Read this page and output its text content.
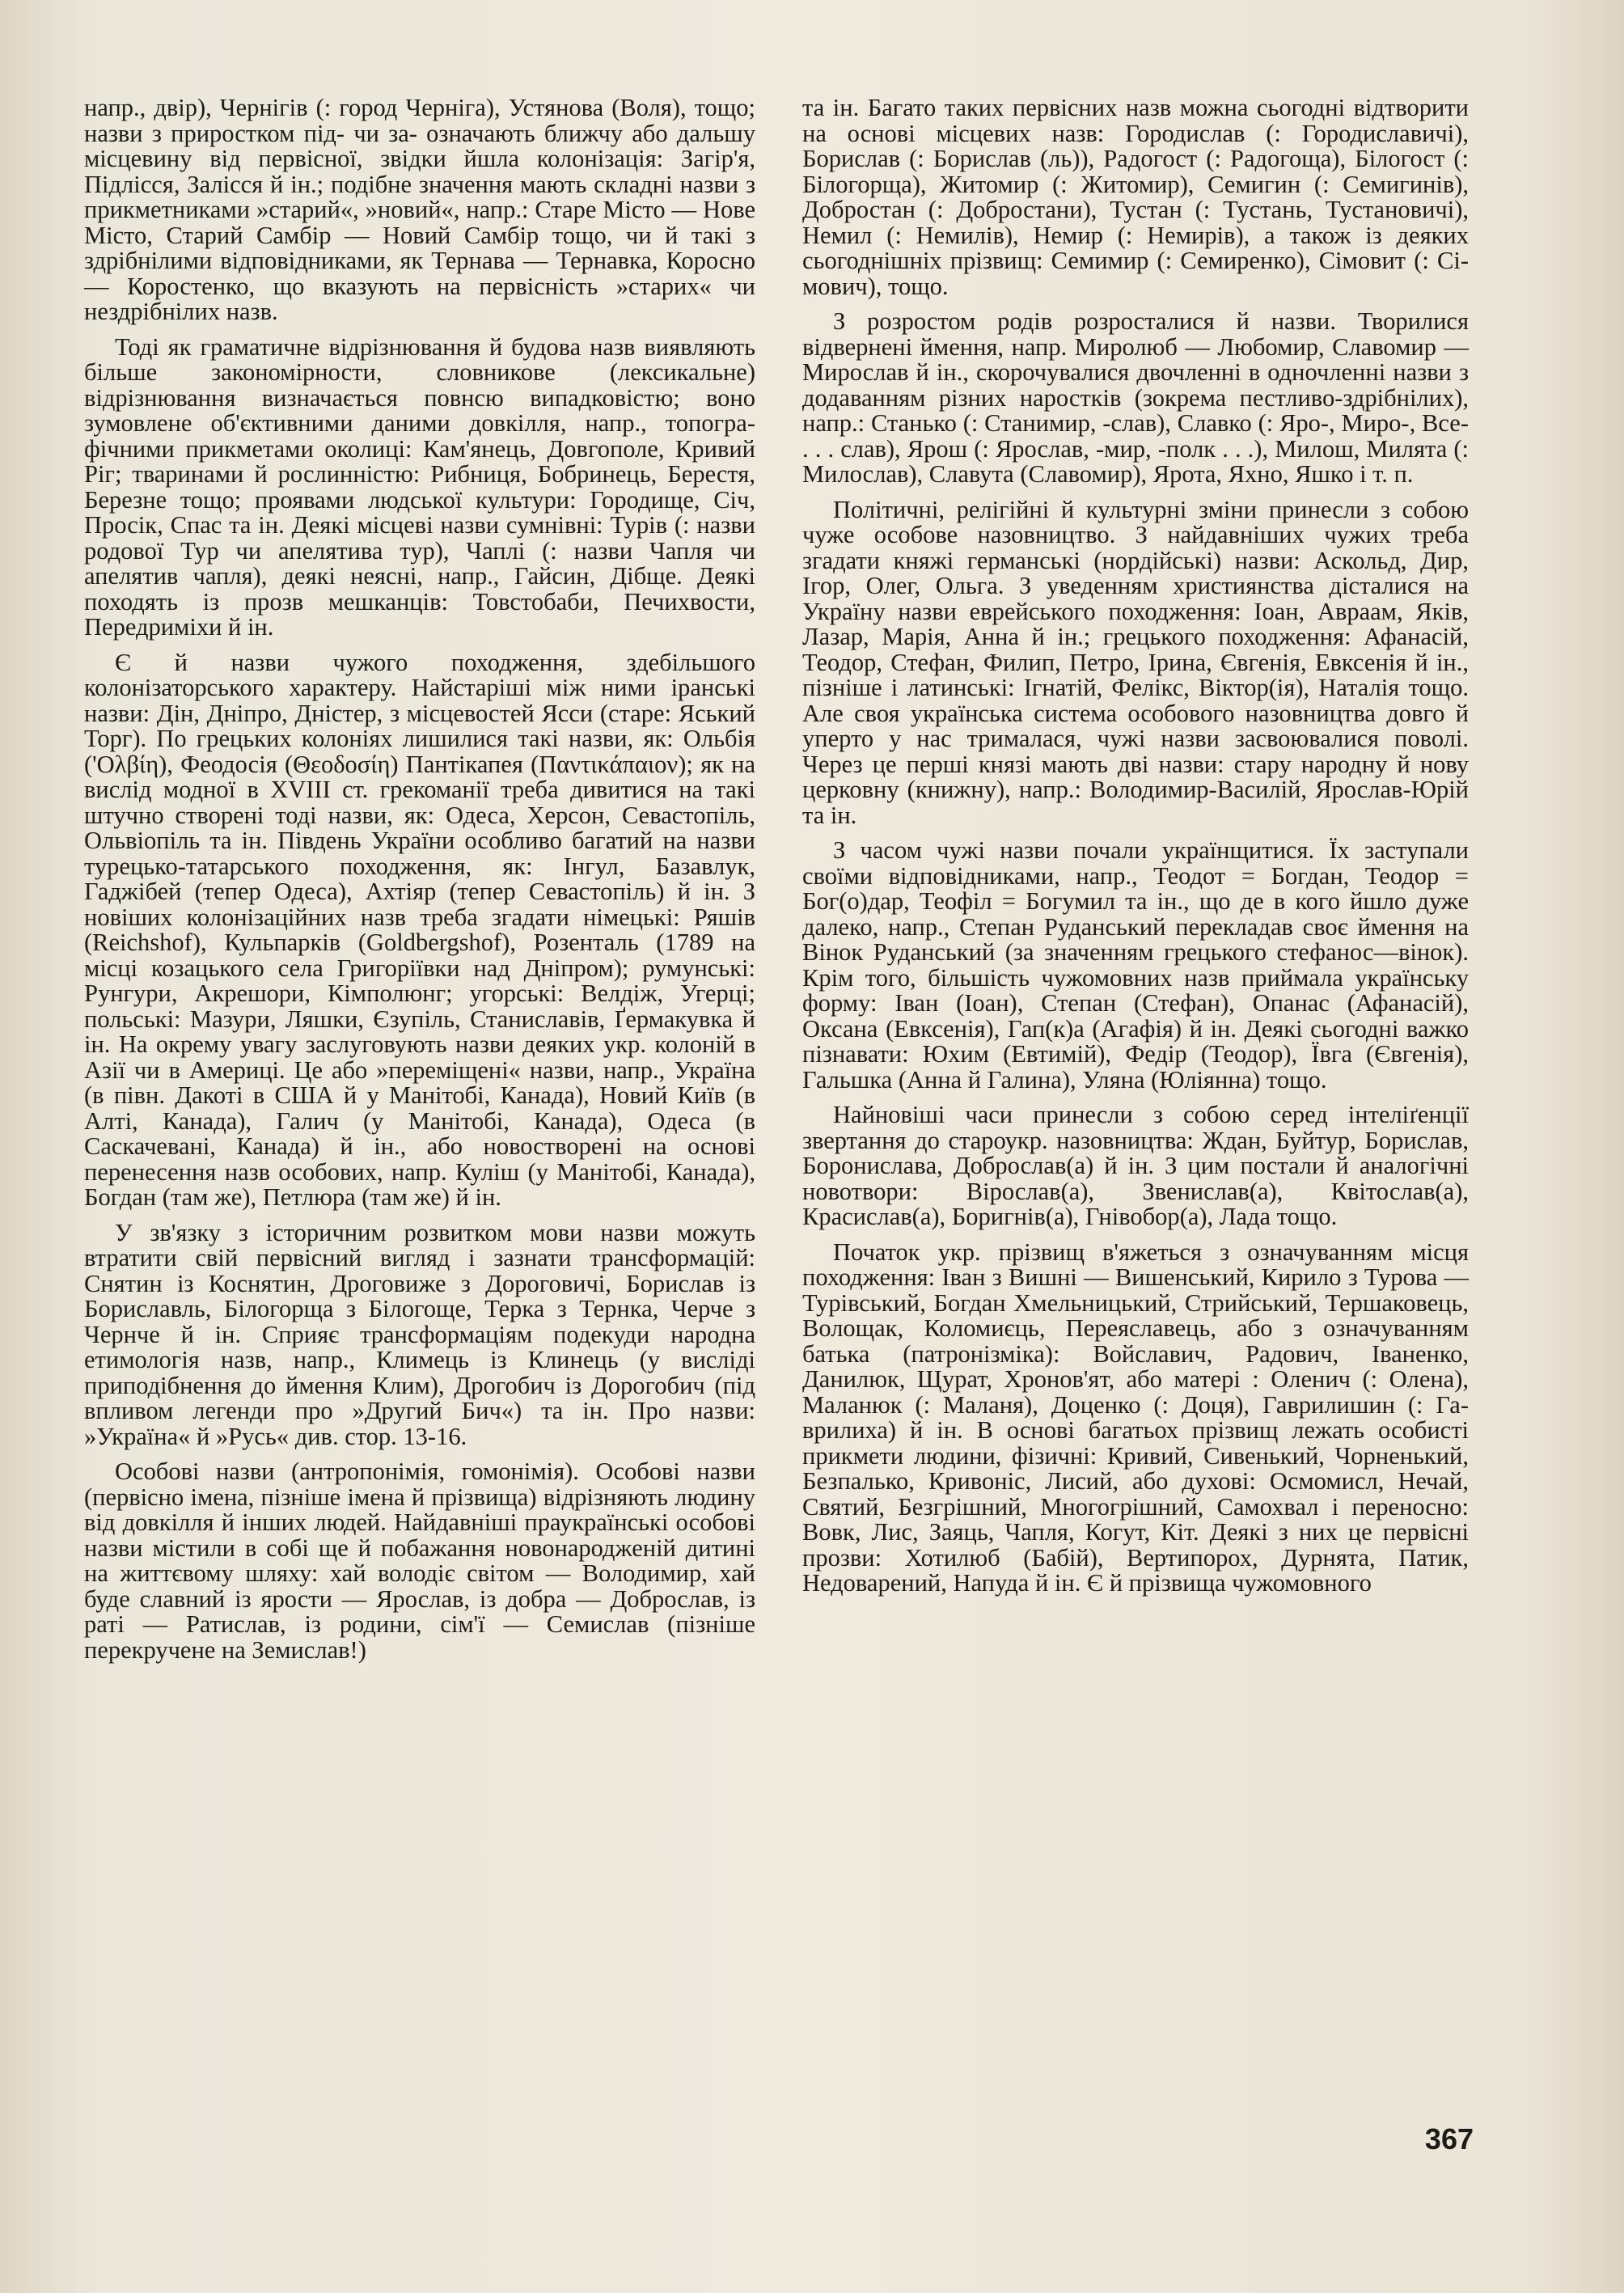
напр., двір), Чернігів (: город Черніга), Устянова (Воля), тощо; назви з приростком під- чи за- означають ближчу або дальшу місцевину від первісної, звідки йшла колонізація: Загір'я, Підлісся, Залісся й ін.; подібне значення мають складні назви з прикметниками »старий«, »новий«, напр.: Старе Місто — Нове Місто, Старий Самбір — Новий Самбір тощо, чи й такі з здрібнілими відповідниками, як Тернава — Тернавка, Коросно — Коростенко, що вказують на первісність »старих« чи нездрібнілих назв.

Тоді як граматичне відрізнювання й будова назв виявляють більше закономірности, словникове (лексикальне) відрізнювання визначається повнсю випадковістю; воно зумовлене об'єктивними даними довкілля, напр., топографічними прикметами околиці: Кам'янець, Довгополе, Кривий Ріг; тваринами й рослинністю: Рибниця, Бобринець, Берестя, Березне тощо; проявами людської культури: Городище, Січ, Просік, Спас та ін. Деякі місцеві назви сумнівні: Турів (: назви родової Тур чи апелятива тур), Чаплі (: назви Чапля чи апелятив чапля), деякі неясні, напр., Гайсин, Дібще. Деякі походять із прозв мешканців: Товстобаби, Печихвости, Передриміхи й ін.

Є й назви чужого походження, здебільшого колонізаторського характеру. Найстаріші між ними іранські назви: Дін, Дніпро, Дністер, з місцевостей Ясси (старе: Яський Торг). По грецьких колоніях лишилися такі назви, як: Ольбія ('Ολβίη), Феодосія (Θεοδοσίη) Пантікапея (Παντικάπαιον); як на вислід модної в XVIII ст. грекоманії треба дивитися на такі штучно створені тоді назви, як: Одеса, Херсон, Севастопіль, Ольвіопіль та ін. Південь України особливо багатий на назви турецько-татарського походження, як: Інгул, Базавлук, Гаджібей (тепер Одеса), Ахтіяр (тепер Севастопіль) й ін. З новіших колонізаційних назв треба згадати німецькі: Ряшів (Reichshof), Кульпарків (Goldbergshof), Розенталь (1789 на місці козацького села Григоріївки над Дніпром); румунські: Рунгури, Акрешори, Кімполюнг; угорські: Велдіж, Угерці; польські: Мазури, Ляшки, Єзупіль, Станиславів, Ґермакувка й ін. На окрему увагу заслуговують назви деяких укр. колоній в Азії чи в Америці. Це або »переміщені« назви, напр., Україна (в півн. Дакоті в США й у Манітобі, Канада), Новий Київ (в Алті, Канада), Галич (у Манітобі, Канада), Одеса (в Саскачевані, Канада) й ін., або новостворені на основі перенесення назв особових, напр. Куліш (у Манітобі, Канада), Богдан (там же), Петлюра (там же) й ін.

У зв'язку з історичним розвитком мови назви можуть втратити свій первісний вигляд і зазнати трансформацій: Снятин із Коснятин, Дроговиже з Дороговичі, Борислав із Бориславль, Білогорща з Білогоще, Терка з Тернка, Черче з Чернче й ін. Сприяє трансформаціям подекуди народна етимологія назв, напр., Климець із Клинець (у висліді приподібнення до ймення Клим), Дрогобич із Дорогобич (під впливом легенди про »Другий Бич«) та ін. Про назви: »Україна« й »Русь« див. стор. 13-16.

Особові назви (антропонімія, гомонімія). Особові назви (первісно імена, пізніше імена й прізвища) відрізняють людину від довкілля й інших людей. Найдавніші праукраїнські особові назви містили в собі ще й побажання новонародженій дитині на життєвому шляху: хай володіє світом — Володимир, хай буде славний із ярости — Ярослав, із добра — Доброслав, із раті — Ратислав, із родини, сім'ї — Семислав (пізніше перекручене на Земислав!)

та ін. Багато таких первісних назв можна сьогодні відтворити на основі місцевих назв: Городислав (: Городиславичі), Борислав (: Борислав (ль)), Радогост (: Радогоща), Білогост (: Білогорща), Житомир (: Житомир), Семигин (: Семигинів), Добростан (: Добростани), Тустан (: Тустань, Тустановичі), Немил (: Немилів), Немир (: Немирів), а також із деяких сьогоднішніх прізвищ: Семимир (: Семиренко), Сімовит (: Сімович), тощо.

З розростом родів розросталися й назви. Творилися відвернені ймення, напр. Миролюб — Любомир, Славомир — Мирослав й ін., скорочувалися двочленні в одночленні назви з додаванням різних наростків (зокрема пестливо-здрібнілих), напр.: Станько (: Станимир, -слав), Славко (: Яро-, Миро-, Все- . . . слав), Ярош (: Ярослав, -мир, -полк . . .), Милош, Милята (: Милослав), Славута (Славомир), Ярота, Яхно, Яшко і т. п.

Політичні, релігійні й культурні зміни принесли з собою чуже особове назовництво. З найдавніших чужих треба згадати княжі германські (нордійські) назви: Аскольд, Дир, Ігор, Олег, Ольга. З уведенням християнства дісталися на Україну назви еврейського походження: Іоан, Авраам, Яків, Лазар, Марія, Анна й ін.; грецького походження: Афанасій, Теодор, Стефан, Филип, Петро, Ірина, Євгенія, Евксенія й ін., пізніше і латинські: Ігнатій, Фелікс, Віктор(ія), Наталія тощо. Але своя українська система особового назовництва довго й уперто у нас трималася, чужі назви засвоювалися поволі. Через це перші князі мають дві назви: стару народну й нову церковну (книжну), напр.: Володимир-Василій, Ярослав-Юрій та ін.

З часом чужі назви почали українщитися. Їх заступали своїми відповідниками, напр., Теодот = Богдан, Теодор = Бог(о)дар, Теофіл = Богумил та ін., що де в кого йшло дуже далеко, напр., Степан Руданський перекладав своє ймення на Вінок Руданський (за значенням грецького стефанос—вінок). Крім того, більшість чужомовних назв приймала українську форму: Іван (Іоан), Степан (Стефан), Опанас (Афанасій), Оксана (Евксенія), Гап(к)а (Агафія) й ін. Деякі сьогодні важко пізнавати: Юхим (Евтимій), Федір (Теодор), Ївга (Євгенія), Гальшка (Анна й Галина), Уляна (Юліянна) тощо.

Найновіші часи принесли з собою серед інтеліґенції звертання до староукр. назовництва: Ждан, Буйтур, Борислав, Борониславa, Доброслав(а) й ін. З цим постали й аналогічні новотвори: Вірослав(а), Звенислав(а), Квітослав(а), Красислав(а), Боригнів(а), Гнівобор(а), Лада тощо.

Початок укр. прізвищ в'яжеться з означуванням місця походження: Іван з Вишні — Вишенський, Кирило з Турова — Турівський, Богдан Хмельницький, Стрийський, Тершаковець, Волощак, Коломиєць, Переяславець, або з означуванням батька (патронізміка): Войславич, Радович, Іваненко, Данилюк, Щурат, Хронов'ят, або матері : Оленич (: Олена), Маланюк (: Маланя), Доценко (: Доця), Гаврилишин (: Гаврилиха) й ін. В основі багатьох прізвищ лежать особисті прикмети людини, фізичні: Кривий, Сивенький, Чорненький, Безпалько, Кривоніс, Лисий, або духові: Осмомисл, Нечай, Святий, Безгрішний, Многогрішний, Самохвал і переносно: Вовк, Лис, Заяць, Чапля, Когут, Кіт. Деякі з них це первісні прозви: Хотилюб (Бабій), Вертипорох, Дурнята, Патик, Недоварений, Напуда й ін. Є й прізвища чужомовного

367
